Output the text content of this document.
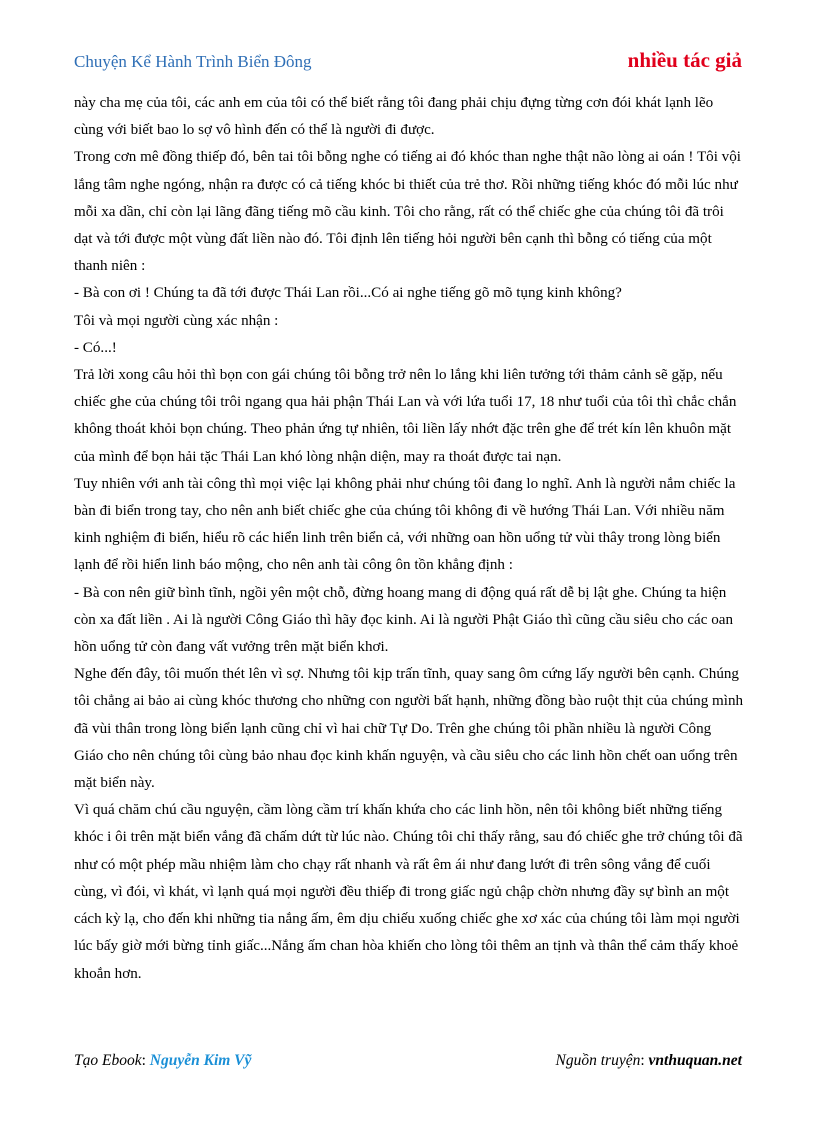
Chuyện Kể Hành Trình Biển Đông	nhiều tác giả

này cha mẹ của tôi, các anh em của tôi có thể biết rằng tôi đang phải chịu đựng từng cơn đói khát lạnh lẽo cùng với biết bao lo sợ vô hình đến có thể là người đi được.

Trong cơn mê đồng thiếp đó, bên tai tôi bỗng nghe có tiếng ai đó khóc than nghe thật não lòng ai oán ! Tôi vội lắng tâm nghe ngóng, nhận ra được có cả tiếng khóc bi thiết của trẻ thơ. Rồi những tiếng khóc đó mỗi lúc như mỗi xa dần, chỉ còn lại lãng đãng tiếng mõ cầu kinh. Tôi cho rằng, rất có thể chiếc ghe của chúng tôi đã trôi dạt và tới được một vùng đất liền nào đó. Tôi định lên tiếng hỏi người bên cạnh thì bỗng có tiếng của một thanh niên :

- Bà con ơi ! Chúng ta đã tới được Thái Lan rồi...Có ai nghe tiếng gõ mõ tụng kinh không?

Tôi và mọi người cùng xác nhận :

- Có...!

Trả lời xong câu hỏi thì bọn con gái chúng tôi bỗng trở nên lo lắng khi liên tưởng tới thảm cảnh sẽ gặp, nếu chiếc ghe của chúng tôi trôi ngang qua hải phận Thái Lan và với lứa tuổi 17, 18 như tuổi của tôi thì chắc chắn không thoát khỏi bọn chúng. Theo phản ứng tự nhiên, tôi liền lấy nhớt đặc trên ghe để trét kín lên khuôn mặt của mình để bọn hải tặc Thái Lan khó lòng nhận diện, may ra thoát được tai nạn.

Tuy nhiên với anh tài công thì mọi việc lại không phải như chúng tôi đang lo nghĩ. Anh là người nắm chiếc la bàn đi biển trong tay, cho nên anh biết chiếc ghe của chúng tôi không đi về hướng Thái Lan. Với nhiều năm kinh nghiệm đi biển, hiểu rõ các hiển linh trên biển cả, với những oan hồn uổng tử vùi thây trong lòng biển lạnh để rồi hiển linh báo mộng, cho nên anh tài công ôn tồn khẳng định :

- Bà con nên giữ bình tĩnh, ngồi yên một chỗ, đừng hoang mang di động quá rất dễ bị lật ghe. Chúng ta hiện còn xa đất liền . Ai là người Công Giáo thì hãy đọc kinh. Ai là người Phật Giáo thì cũng cầu siêu cho các oan hồn uổng tử còn đang vất vưởng trên mặt biển khơi.

Nghe đến đây, tôi muốn thét lên vì sợ. Nhưng tôi kịp trấn tĩnh, quay sang ôm cứng lấy người bên cạnh. Chúng tôi chẳng ai bảo ai cùng khóc thương cho những con người bất hạnh, những đồng bào ruột thịt của chúng mình đã vùi thân trong lòng biển lạnh cũng chỉ vì hai chữ Tự Do. Trên ghe chúng tôi phần nhiều là người Công Giáo cho nên chúng tôi cùng bảo nhau đọc kinh khấn nguyện, và cầu siêu cho các linh hồn chết oan uổng trên mặt biển này.

Vì quá chăm chú cầu nguyện, cầm lòng cầm trí khấn khứa cho các linh hồn, nên tôi không biết những tiếng khóc i ôi trên mặt biển vắng đã chấm dứt từ lúc nào. Chúng tôi chỉ thấy rằng, sau đó chiếc ghe trở chúng tôi đã như có một phép mầu nhiệm làm cho chạy rất nhanh và rất êm ái như đang lướt đi trên sông vắng để cuối cùng, vì đói, vì khát, vì lạnh quá mọi người đều thiếp đi trong giấc ngủ chập chờn nhưng đầy sự bình an một cách kỳ lạ, cho đến khi những tia nắng ấm, êm dịu chiếu xuống chiếc ghe xơ xác của chúng tôi làm mọi người lúc bấy giờ mới bừng tỉnh giấc...Nắng ấm chan hòa khiến cho lòng tôi thêm an tịnh và thân thể cảm thấy khoẻ khoắn hơn.

Tạo Ebook: Nguyễn Kim Vỹ	Nguồn truyện: vnthuquan.net
